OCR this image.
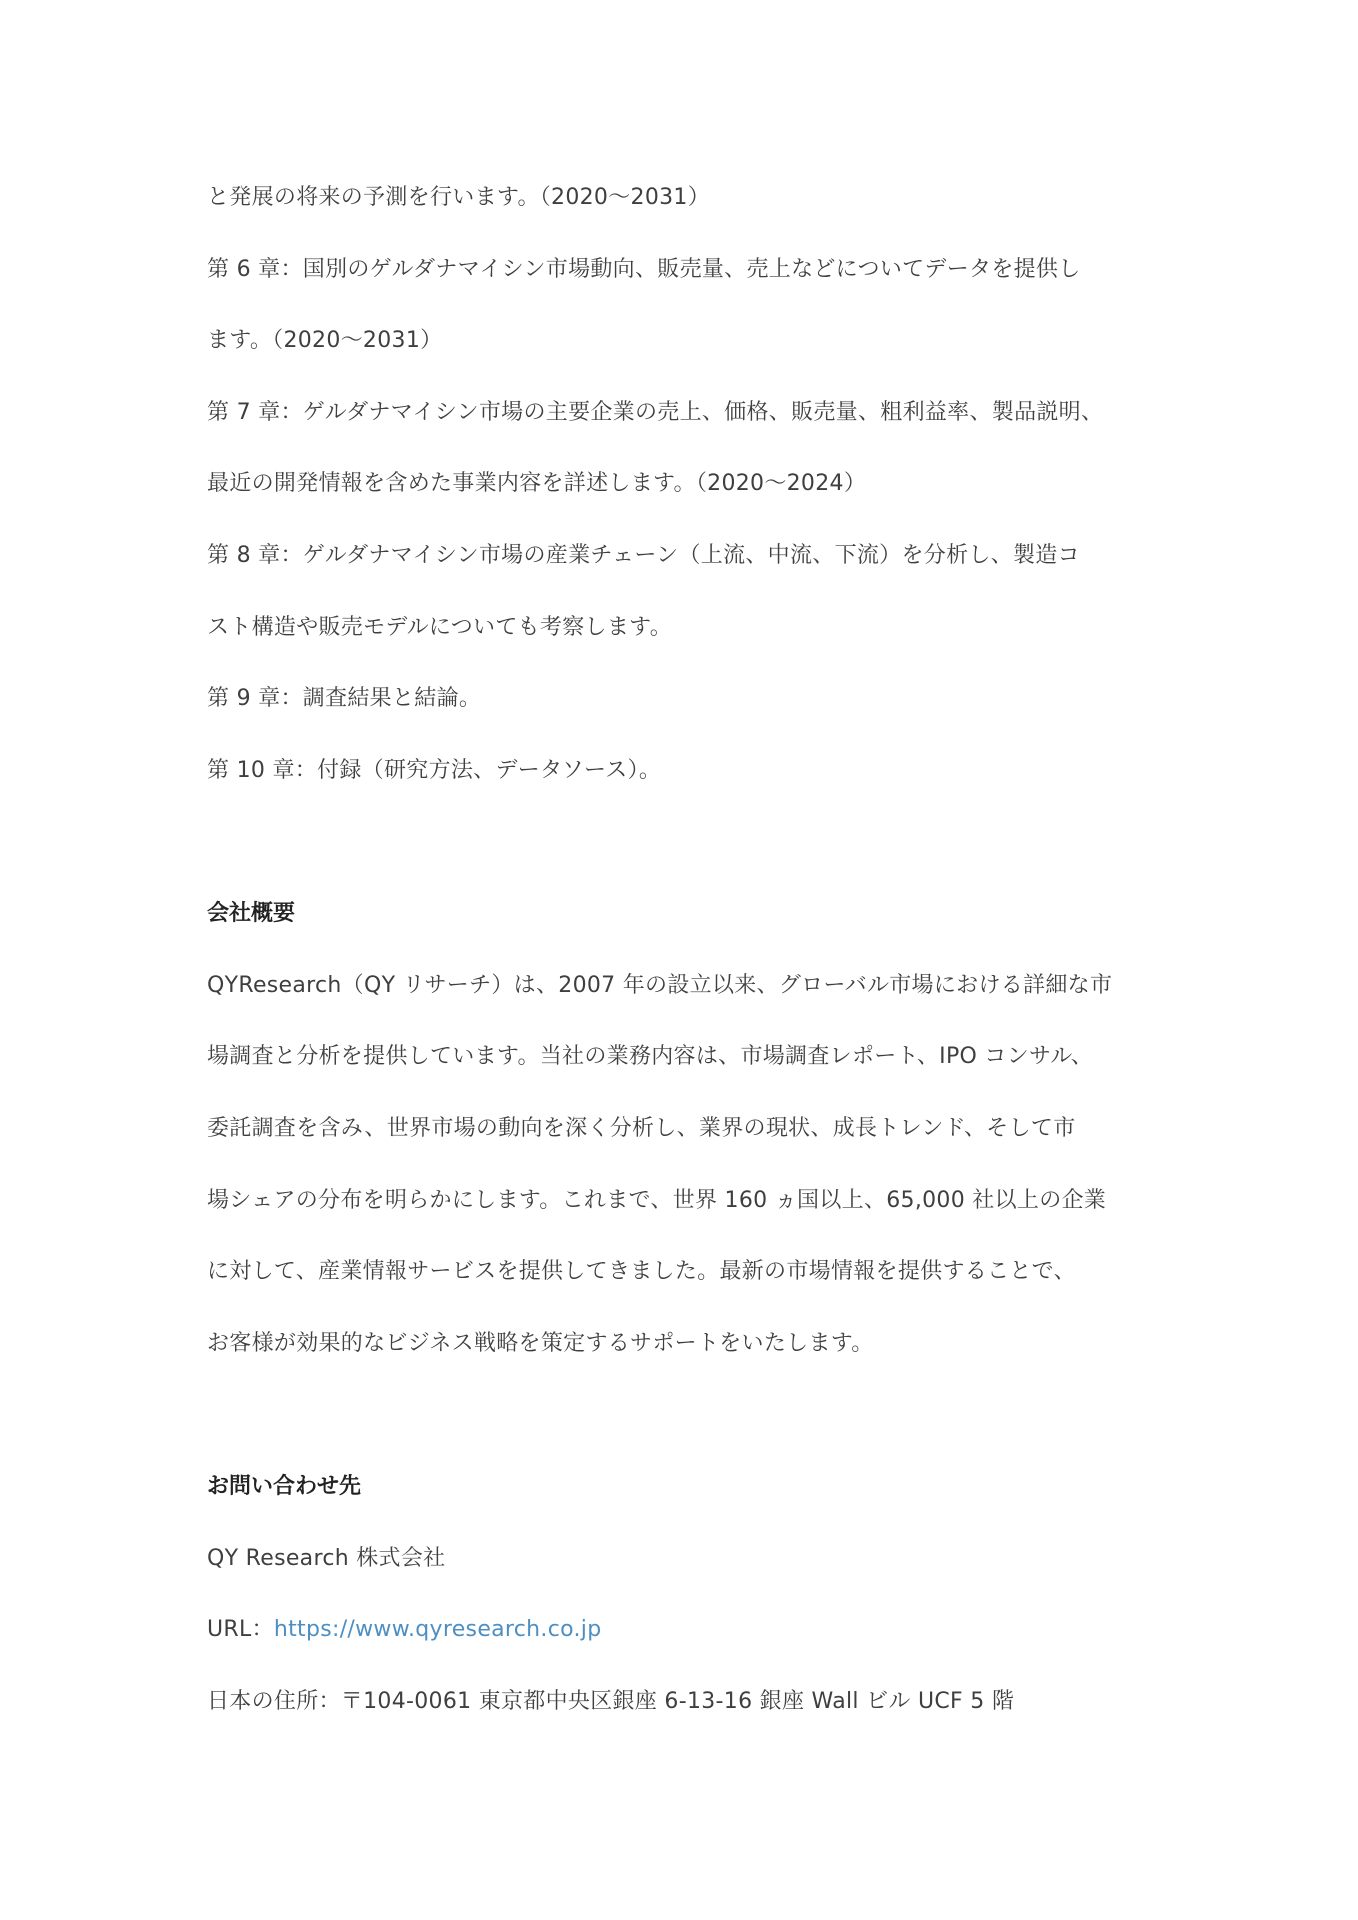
と発展の将来の予測を行います。（2020～2031）

第 6 章：国別のゲルダナマイシン市場動向、販売量、売上などについてデータを提供し

ます。（2020～2031）

第 7 章：ゲルダナマイシン市場の主要企業の売上、価格、販売量、粗利益率、製品説明、

最近の開発情報を含めた事業内容を詳述します。（2020～2024）

第 8 章：ゲルダナマイシン市場の産業チェーン（上流、中流、下流）を分析し、製造コ

スト構造や販売モデルについても考察します。

第 9 章：調査結果と結論。

第 10 章：付録（研究方法、データソース）。

会社概要

QYResearch（QY リサーチ）は、2007 年の設立以来、グローバル市場における詳細な市

場調査と分析を提供しています。当社の業務内容は、市場調査レポート、IPO コンサル、

委託調査を含み、世界市場の動向を深く分析し、業界の現状、成長トレンド、そして市

場シェアの分布を明らかにします。これまで、世界 160 ヵ国以上、65,000 社以上の企業

に対して、産業情報サービスを提供してきました。最新の市場情報を提供することで、

お客様が効果的なビジネス戦略を策定するサポートをいたします。

お問い合わせ先

QY Research 株式会社

URL：https://www.qyresearch.co.jp

日本の住所：〒104-0061 東京都中央区銀座 6-13-16 銀座 Wall ビル UCF 5 階
